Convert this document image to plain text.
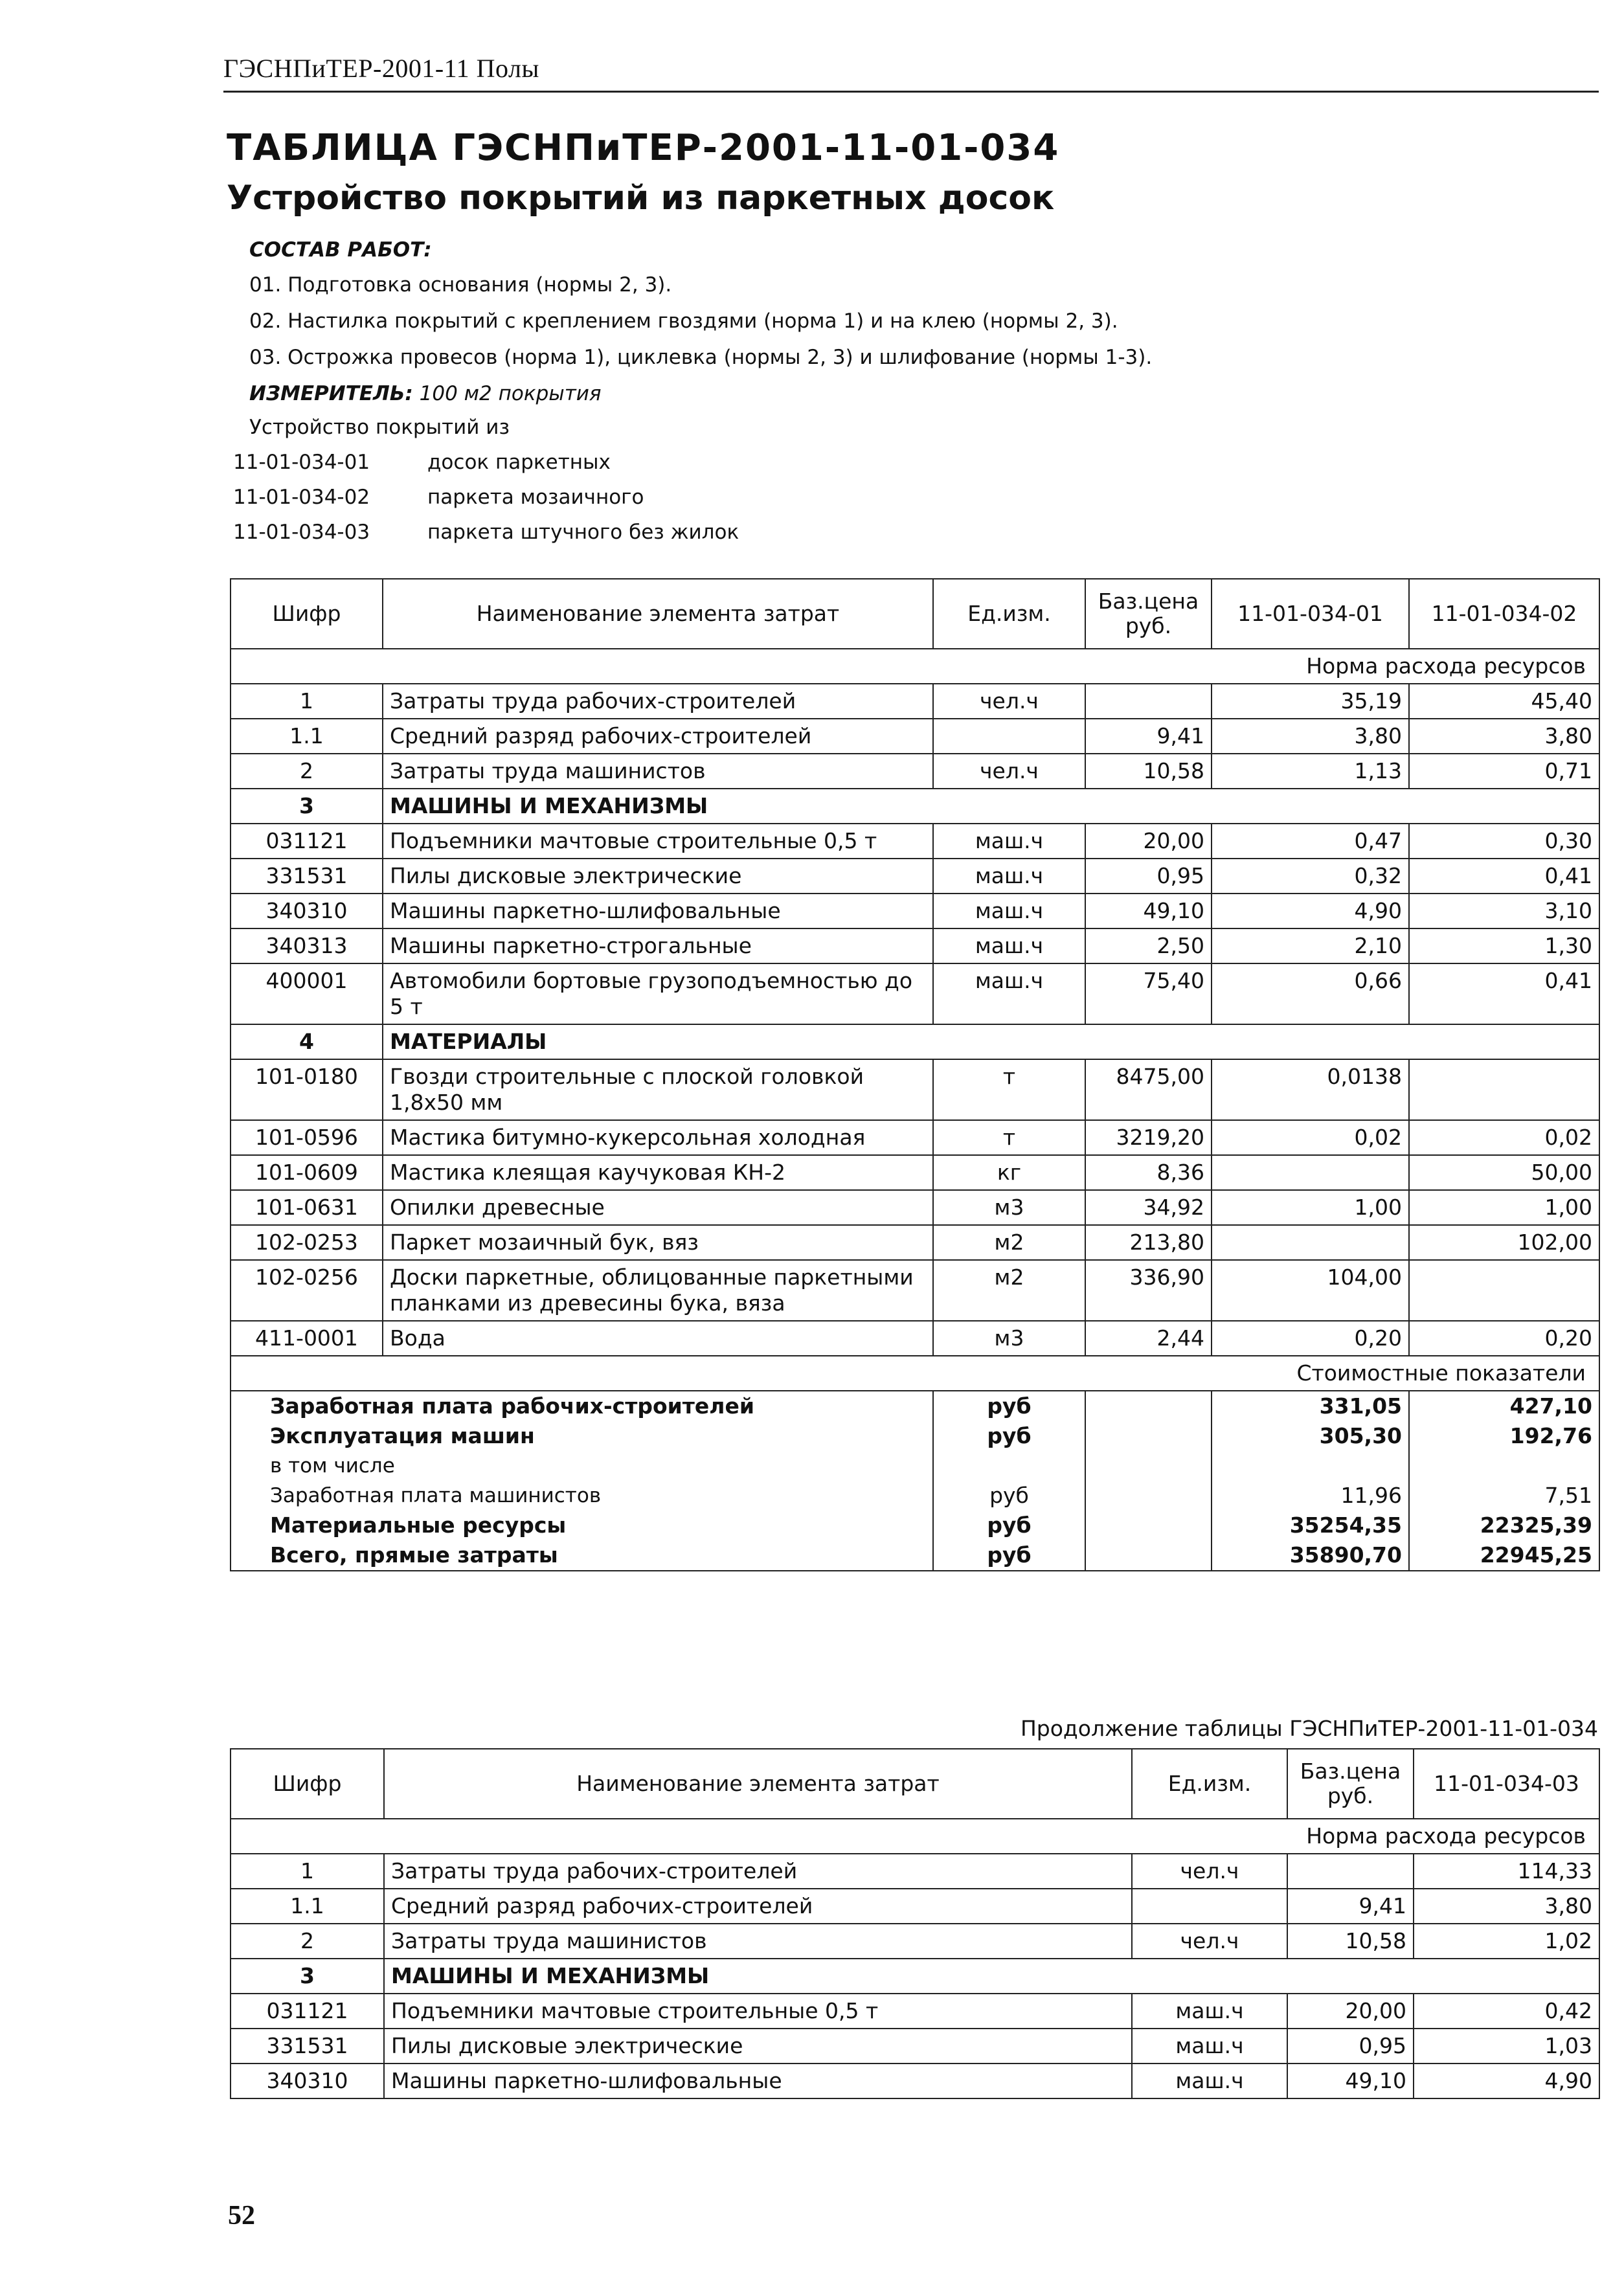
ГЭСНПиТЕР-2001-11 Полы
ТАБЛИЦА ГЭСНПиТЕР-2001-11-01-034
Устройство покрытий из паркетных досок
СОСТАВ РАБОТ:
01. Подготовка основания (нормы 2, 3).
02. Настилка покрытий с креплением гвоздями (норма 1) и на клею (нормы 2, 3).
03. Острожка провесов (норма 1), циклевка (нормы 2, 3) и шлифование (нормы 1-3).
ИЗМЕРИТЕЛЬ: 100 м2 покрытия
Устройство покрытий из
11-01-034-01	досок паркетных
11-01-034-02	паркета мозаичного
11-01-034-03	паркета штучного без жилок
Шифр	Наименование элемента затрат	Ед.изм.	Баз.цена руб.	11-01-034-01	11-01-034-02
Норма расхода ресурсов					
1	Затраты труда рабочих-строителей	чел.ч		35,19	45,40
1.1	Средний разряд рабочих-строителей		9,41	3,80	3,80
2	Затраты труда машинистов	чел.ч	10,58	1,13	0,71
3	МАШИНЫ И МЕХАНИЗМЫ				
031121	Подъемники мачтовые строительные 0,5 т	маш.ч	20,00	0,47	0,30
331531	Пилы дисковые электрические	маш.ч	0,95	0,32	0,41
340310	Машины паркетно-шлифовальные	маш.ч	49,10	4,90	3,10
340313	Машины паркетно-строгальные	маш.ч	2,50	2,10	1,30
400001	Автомобили бортовые грузоподъемностью до 5 т	маш.ч	75,40	0,66	0,41
4	МАТЕРИАЛЫ				
101-0180	Гвозди строительные с плоской головкой 1,8х50 мм	т	8475,00	0,0138	
101-0596	Мастика битумно-кукерсольная холодная	т	3219,20	0,02	0,02
101-0609	Мастика клеящая каучуковая КН-2	кг	8,36		50,00
101-0631	Опилки древесные	м3	34,92	1,00	1,00
102-0253	Паркет мозаичный бук, вяз	м2	213,80		102,00
102-0256	Доски паркетные, облицованные паркетными планками из древесины бука, вяза	м2	336,90	104,00	
411-0001	Вода	м3	2,44	0,20	0,20
Стоимостные показатели					
Заработная плата рабочих-строителей		руб		331,05	427,10
Эксплуатация машин		руб		305,30	192,76
в том числе					
Заработная плата машинистов		руб		11,96	7,51
Материальные ресурсы		руб		35254,35	22325,39
Всего, прямые затраты		руб		35890,70	22945,25
Продолжение таблицы ГЭСНПиТЕР-2001-11-01-034
Шифр	Наименование элемента затрат	Ед.изм.	Баз.цена руб.	11-01-034-03
Норма расхода ресурсов				
1	Затраты труда рабочих-строителей	чел.ч		114,33
1.1	Средний разряд рабочих-строителей		9,41	3,80
2	Затраты труда машинистов	чел.ч	10,58	1,02
3	МАШИНЫ И МЕХАНИЗМЫ			
031121	Подъемники мачтовые строительные 0,5 т	маш.ч	20,00	0,42
331531	Пилы дисковые электрические	маш.ч	0,95	1,03
340310	Машины паркетно-шлифовальные	маш.ч	49,10	4,90
52
